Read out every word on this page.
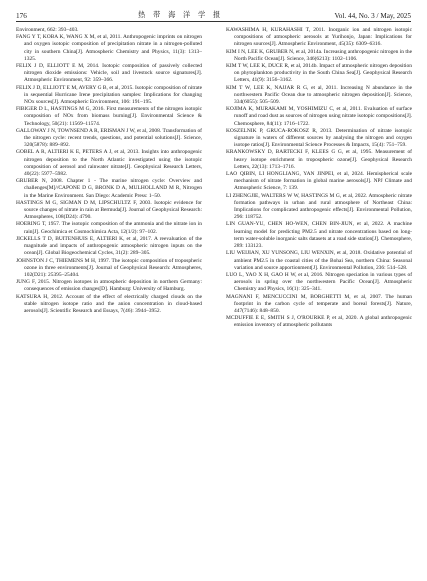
176	热 带 海 洋 学 报	Vol. 44, No. 3 / May, 2025

Environment, 662: 393–403.

FANG Y T, KOBA K, WANG X M, et al, 2011. Anthropogenic imprints on nitrogen and oxygen isotopic composition of precipitation nitrate in a nitrogen-polluted city in southern China[J]. Atmospheric Chemistry and Physics, 11(3): 1313–1325.

FELIX J D, ELLIOTT E M, 2014. Isotopic composition of passively collected nitrogen dioxide emissions: Vehicle, soil and livestock source signatures[J]. Atmospheric Environment, 92: 359–366.

FELIX J D, ELLIOTT E M, AVERY G B, et al, 2015. Isotopic composition of nitrate in sequential Hurricane Irene precipitation samples: Implications for changing NOx sources[J]. Atmospheric Environment, 106: 191–195.

FIBIGER D L, HASTINGS M G, 2016. First measurements of the nitrogen isotopic composition of NOx from biomass burning[J]. Environmental Science & Technology, 50(21): 11569–11574.

GALLOWAY J N, TOWNSEND A R, ERISMAN J W, et al, 2008. Transformation of the nitrogen cycle: recent trends, questions, and potential solutions[J]. Science, 320(5878): 889–892.

GOBEL A R, ALTIERI K E, PETERS A J, et al, 2013. Insights into anthropogenic nitrogen deposition to the North Atlantic investigated using the isotopic composition of aerosol and rainwater nitrate[J]. Geophysical Research Letters, 40(22): 5977–5982.

GRUBER N, 2008. Chapter 1 - The marine nitrogen cycle: Overview and challenges[M]//CAPONE D G, BRONK D A, MULHOLLAND M R, Nitrogen in the Marine Environment. San Diego: Academic Press: 1–50.

HASTINGS M G, SIGMAN D M, LIPSCHULTZ F, 2003. Isotopic evidence for source changes of nitrate in rain at Bermuda[J]. Journal of Geophysical Research: Atmospheres, 108(D24): 4790.

HOERING T, 1957. The isotopic composition of the ammonia and the nitrate ion in rain[J]. Geochimica et Cosmochimica Acta, 12(1/2): 97–102.

JICKELLS T D, BUITENHUIS E, ALTIERI K, et al, 2017. A reevaluation of the magnitude and impacts of anthropogenic atmospheric nitrogen inputs on the ocean[J]. Global Biogeochemical Cycles, 31(2): 289–305.

JOHNSTON J C, THIEMENS M H, 1997. The isotopic composition of tropospheric ozone in three environments[J]. Journal of Geophysical Research: Atmospheres, 102(D21): 25395–25404.

JUNG F, 2015. Nitrogen isotopes in atmospheric deposition in northern Germany: consequences of emission changes[D]. Hamburg: University of Hamburg.

KATSURA H, 2012. Account of the effect of electrically charged clouds on the stable nitrogen isotope ratio and the anion concentration in cloud-based aerosols[J]. Scientific Research and Essays, 7(46): 3944–3952.

KAWASHIMA H, KURAHASHI T, 2011. Inorganic ion and nitrogen isotopic compositions of atmospheric aerosols at Yurihonjo, Japan: Implications for nitrogen sources[J]. Atmospheric Environment, 45(35): 6309–6316.

KIM I N, LEE K, GRUBER N, et al, 2014a. Increasing anthropogenic nitrogen in the North Pacific Ocean[J]. Science, 346(6213): 1102–1106.

KIM T W, LEE K, DUCE R, et al, 2014b. Impact of atmospheric nitrogen deposition on phytoplankton productivity in the South China Sea[J]. Geophysical Research Letters, 41(9): 3156–3162.

KIM T W, LEE K, NAJJAR R G, et al, 2011. Increasing N abundance in the northwestern Pacific Ocean due to atmospheric nitrogen deposition[J]. Science, 334(6055): 505–509.

KOJIMA K, MURAKAMI M, YOSHIMIZU C, et al, 2011. Evaluation of surface runoff and road dust as sources of nitrogen using nitrate isotopic compositions[J]. Chemosphere, 84(11): 1716–1722.

KOSZELNIK P, GRUCA-ROKOSZ R, 2013. Determination of nitrate isotopic signature in waters of different sources by analysing the nitrogen and oxygen isotope ratios[J]. Environmental Science Processes & Impacts, 15(4): 751–759.

KRANKOWSKY D, BARTECKI F, KLEES G G, et al, 1995. Measurement of heavy isotope enrichment in tropospheric ozone[J]. Geophysical Research Letters, 22(13): 1713–1716.

LAO QIBIN, LI HONGLIANG, YAN JINPEI, et al, 2024. Hemispherical scale mechanism of nitrate formation in global marine aerosols[J]. NPJ Climate and Atmospheric Science, 7: 139.

LI ZHENGJIE, WALTERS W W, HASTINGS M G, et al, 2022. Atmospheric nitrate formation pathways in urban and rural atmosphere of Northeast China: Implications for complicated anthropogenic effects[J]. Environmental Pollution, 296: 118752.

LIN GUAN-YU, CHEN HO-WEN, CHEN BIN-JIUN, et al, 2022. A machine learning model for predicting PM2.5 and nitrate concentrations based on long-term water-soluble inorganic salts datasets at a road side station[J]. Chemosphere, 289: 133123.

LIU WEIJIAN, XU YUNSONG, LIU WENXIN, et al, 2018. Oxidative potential of ambient PM2.5 in the coastal cities of the Bohai Sea, northern China: Seasonal variation and source apportionment[J]. Environmental Pollution, 236: 514–528.

LUO L, YAO X H, GAO H W, et al, 2016. Nitrogen speciation in various types of aerosols in spring over the northwestern Pacific Ocean[J]. Atmospheric Chemistry and Physics, 16(1): 325–341.

MAGNANI F, MENCUCCINI M, BORGHETTI M, et al, 2007. The human footprint in the carbon cycle of temperate and boreal forests[J]. Nature, 447(7146): 848–850.

MCDUFFIE E E, SMITH S J, O'ROURKE P, et al, 2020. A global anthropogenic emission inventory of atmospheric pollutants
